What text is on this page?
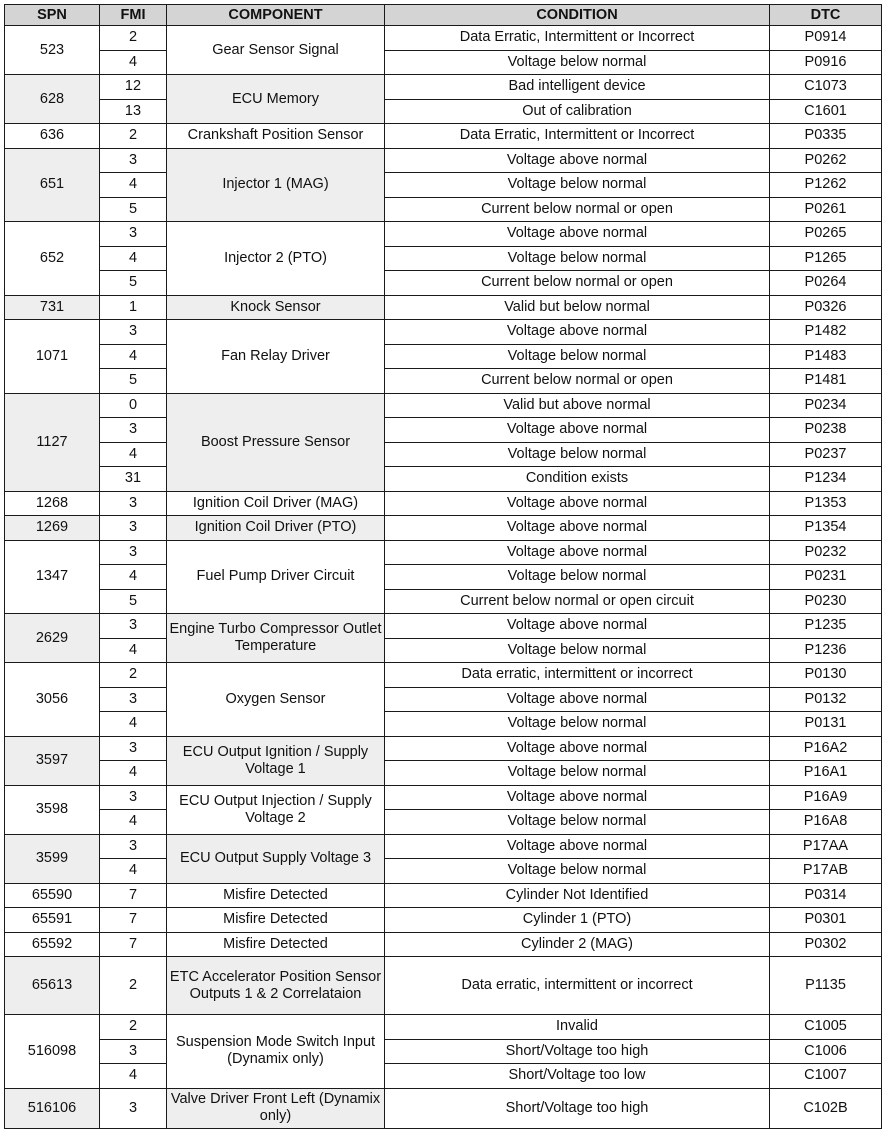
SPN	FMI	COMPONENT	CONDITION	DTC
523	2	Gear Sensor Signal	Data Erratic, Intermittent or Incorrect	P0914
	4		Voltage below normal	P0916
628	12	ECU Memory	Bad intelligent device	C1073
	13		Out of calibration	C1601
636	2	Crankshaft Position Sensor	Data Erratic, Intermittent or Incorrect	P0335
651	3	Injector 1 (MAG)	Voltage above normal	P0262
	4		Voltage below normal	P1262
	5		Current below normal or open	P0261
652	3	Injector 2 (PTO)	Voltage above normal	P0265
	4		Voltage below normal	P1265
	5		Current below normal or open	P0264
731	1	Knock Sensor	Valid but below normal	P0326
1071	3	Fan Relay Driver	Voltage above normal	P1482
	4		Voltage below normal	P1483
	5		Current below normal or open	P1481
1127	0	Boost Pressure Sensor	Valid but above normal	P0234
	3		Voltage above normal	P0238
	4		Voltage below normal	P0237
	31		Condition exists	P1234
1268	3	Ignition Coil Driver (MAG)	Voltage above normal	P1353
1269	3	Ignition Coil Driver (PTO)	Voltage above normal	P1354
1347	3	Fuel Pump Driver Circuit	Voltage above normal	P0232
	4		Voltage below normal	P0231
	5		Current below normal or open circuit	P0230
2629	3	Engine Turbo Compressor Outlet Temperature	Voltage above normal	P1235
	4		Voltage below normal	P1236
3056	2	Oxygen Sensor	Data erratic, intermittent or incorrect	P0130
	3		Voltage above normal	P0132
	4		Voltage below normal	P0131
3597	3	ECU Output Ignition / Supply Voltage 1	Voltage above normal	P16A2
	4		Voltage below normal	P16A1
3598	3	ECU Output Injection / Supply Voltage 2	Voltage above normal	P16A9
	4		Voltage below normal	P16A8
3599	3	ECU Output Supply Voltage 3	Voltage above normal	P17AA
	4		Voltage below normal	P17AB
65590	7	Misfire Detected	Cylinder Not Identified	P0314
65591	7	Misfire Detected	Cylinder 1 (PTO)	P0301
65592	7	Misfire Detected	Cylinder 2 (MAG)	P0302
65613	2	ETC Accelerator Position Sensor Outputs 1 & 2 Correlataion	Data erratic, intermittent or incorrect	P1135
516098	2	Suspension Mode Switch Input (Dynamix only)	Invalid	C1005
	3		Short/Voltage too high	C1006
	4		Short/Voltage too low	C1007
516106	3	Valve Driver Front Left (Dynamix only)	Short/Voltage too high	C102B
